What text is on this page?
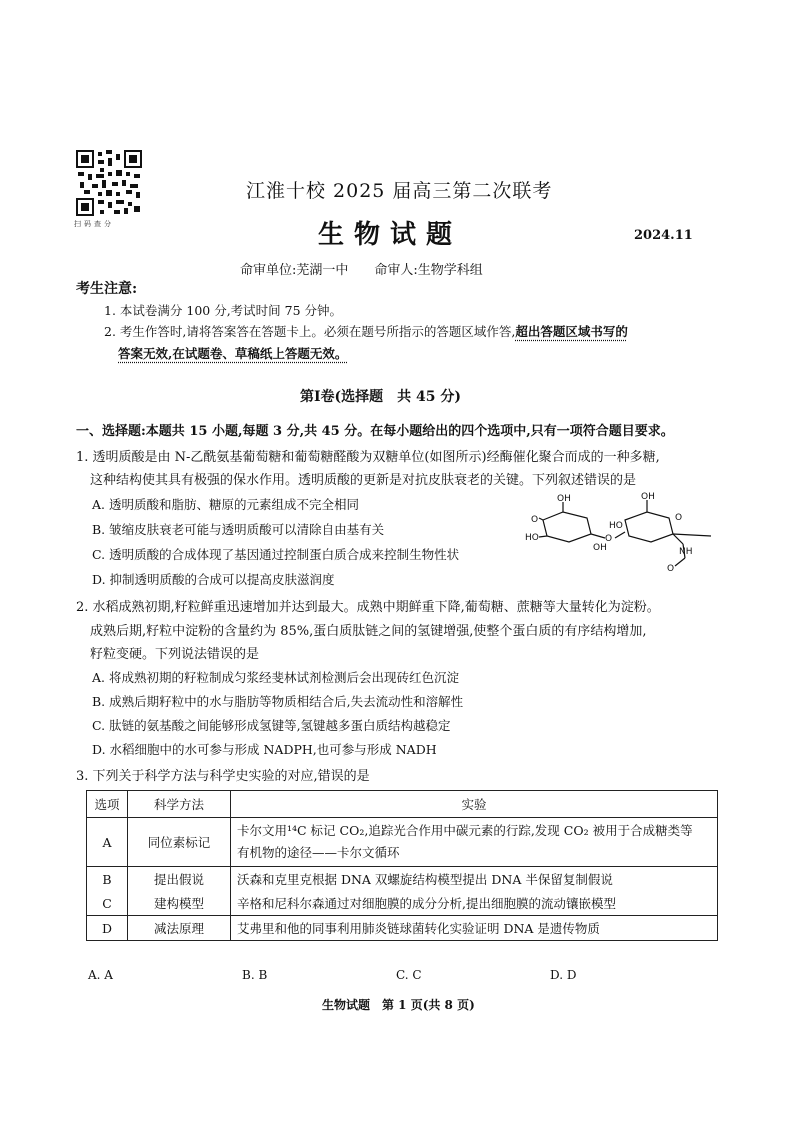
扫码查分
江淮十校 2025 届高三第二次联考
生物试题	2024.11
命审单位:芜湖一中　　命审人:生物学科组
考生注意:
1. 本试卷满分 100 分,考试时间 75 分钟。
2. 考生作答时,请将答案答在答题卡上。必须在题号所指示的答题区域作答,超出答题区域书写的
答案无效,在试题卷、草稿纸上答题无效。
第Ⅰ卷(选择题　共 45 分)
一、选择题:本题共 15 小题,每题 3 分,共 45 分。在每小题给出的四个选项中,只有一项符合题目要求。
1. 透明质酸是由 N-乙酰氨基葡萄糖和葡萄糖醛酸为双糖单位(如图所示)经酶催化聚合而成的一种多糖,
这种结构使其具有极强的保水作用。透明质酸的更新是对抗皮肤衰老的关键。下列叙述错误的是
A. 透明质酸和脂肪、糖原的元素组成不完全相同
B. 皱缩皮肤衰老可能与透明质酸可以清除自由基有关
C. 透明质酸的合成体现了基因通过控制蛋白质合成来控制生物性状
D. 抑制透明质酸的合成可以提高皮肤滋润度
OH	OH
O
HO
HO
OH
O
O
NH
O
2. 水稻成熟初期,籽粒鲜重迅速增加并达到最大。成熟中期鲜重下降,葡萄糖、蔗糖等大量转化为淀粉。
成熟后期,籽粒中淀粉的含量约为 85%,蛋白质肽链之间的氢键增强,使整个蛋白质的有序结构增加,
籽粒变硬。下列说法错误的是
A. 将成熟初期的籽粒制成匀浆经斐林试剂检测后会出现砖红色沉淀
B. 成熟后期籽粒中的水与脂肪等物质相结合后,失去流动性和溶解性
C. 肽链的氨基酸之间能够形成氢键等,氢键越多蛋白质结构越稳定
D. 水稻细胞中的水可参与形成 NADPH,也可参与形成 NADH
3. 下列关于科学方法与科学史实验的对应,错误的是
选项	科学方法	实验
A	同位素标记	卡尔文用¹⁴C 标记 CO₂,追踪光合作用中碳元素的行踪,发现 CO₂ 被用于合成糖类等
有机物的途径——卡尔文循环

B	提出假说	沃森和克里克根据 DNA 双螺旋结构模型提出 DNA 半保留复制假说
C	建构模型	辛格和尼科尔森通过对细胞膜的成分分析,提出细胞膜的流动镶嵌模型
D	减法原理	艾弗里和他的同事利用肺炎链球菌转化实验证明 DNA 是遗传物质
A. A	B. B	C. C	D. D
生物试题　第 1 页(共 8 页)
